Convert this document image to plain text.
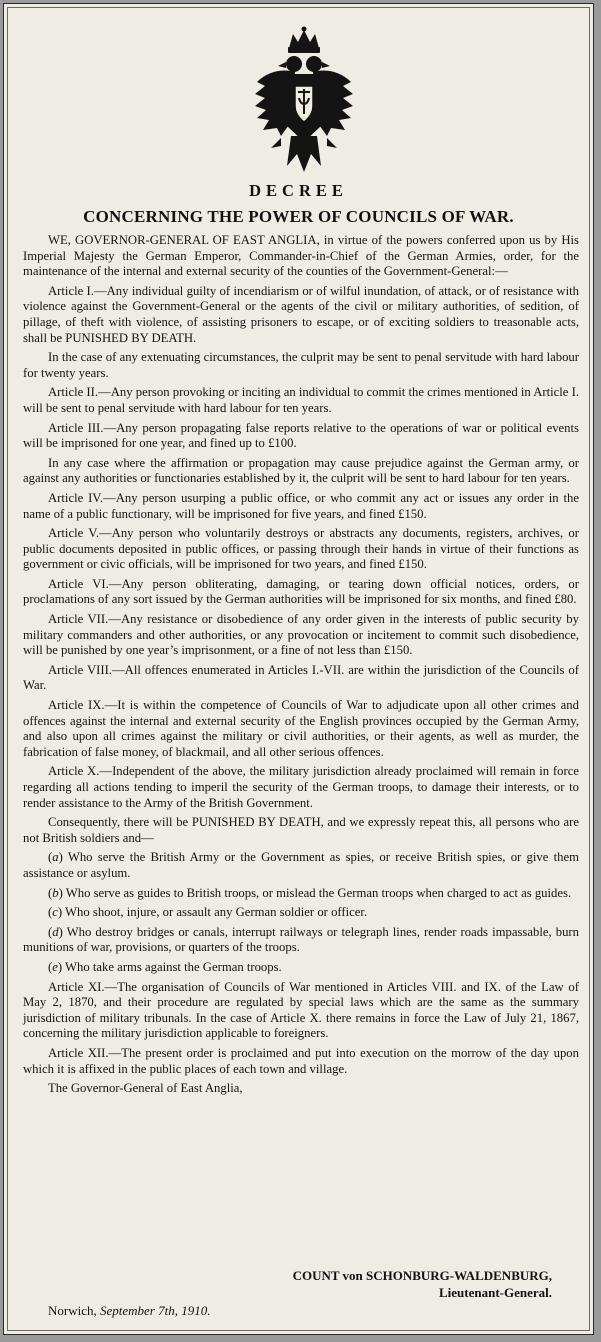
DECREE
CONCERNING THE POWER OF COUNCILS OF WAR.

WE, GOVERNOR-GENERAL OF EAST ANGLIA, in virtue of the powers conferred upon us by His Imperial Majesty the German Emperor, Commander-in-Chief of the German Armies, order, for the maintenance of the internal and external security of the counties of the Government-General:—

Article I.—Any individual guilty of incendiarism or of wilful inundation, of attack, or of resistance with violence against the Government-General or the agents of the civil or military authorities, of sedition, of pillage, of theft with violence, of assisting prisoners to escape, or of exciting soldiers to treasonable acts, shall be PUNISHED BY DEATH.

In the case of any extenuating circumstances, the culprit may be sent to penal servitude with hard labour for twenty years.

Article II.—Any person provoking or inciting an individual to commit the crimes mentioned in Article I. will be sent to penal servitude with hard labour for ten years.

Article III.—Any person propagating false reports relative to the operations of war or political events will be imprisoned for one year, and fined up to £100.

In any case where the affirmation or propagation may cause prejudice against the German army, or against any authorities or functionaries established by it, the culprit will be sent to hard labour for ten years.

Article IV.—Any person usurping a public office, or who commit any act or issues any order in the name of a public functionary, will be imprisoned for five years, and fined £150.

Article V.—Any person who voluntarily destroys or abstracts any documents, registers, archives, or public documents deposited in public offices, or passing through their hands in virtue of their functions as government or civic officials, will be imprisoned for two years, and fined £150.

Article VI.—Any person obliterating, damaging, or tearing down official notices, orders, or proclamations of any sort issued by the German authorities will be imprisoned for six months, and fined £80.

Article VII.—Any resistance or disobedience of any order given in the interests of public security by military commanders and other authorities, or any provocation or incitement to commit such disobedience, will be punished by one year’s imprisonment, or a fine of not less than £150.

Article VIII.—All offences enumerated in Articles I.-VII. are within the jurisdiction of the Councils of War.

Article IX.—It is within the competence of Councils of War to adjudicate upon all other crimes and offences against the internal and external security of the English provinces occupied by the German Army, and also upon all crimes against the military or civil authorities, or their agents, as well as murder, the fabrication of false money, of blackmail, and all other serious offences.

Article X.—Independent of the above, the military jurisdiction already proclaimed will remain in force regarding all actions tending to imperil the security of the German troops, to damage their interests, or to render assistance to the Army of the British Government.

Consequently, there will be PUNISHED BY DEATH, and we expressly repeat this, all persons who are not British soldiers and—

(a) Who serve the British Army or the Government as spies, or receive British spies, or give them assistance or asylum.

(b) Who serve as guides to British troops, or mislead the German troops when charged to act as guides.

(c) Who shoot, injure, or assault any German soldier or officer.

(d) Who destroy bridges or canals, interrupt railways or telegraph lines, render roads impassable, burn munitions of war, provisions, or quarters of the troops.

(e) Who take arms against the German troops.

Article XI.—The organisation of Councils of War mentioned in Articles VIII. and IX. of the Law of May 2, 1870, and their procedure are regulated by special laws which are the same as the summary jurisdiction of military tribunals. In the case of Article X. there remains in force the Law of July 21, 1867, concerning the military jurisdiction applicable to foreigners.

Article XII.—The present order is proclaimed and put into execution on the morrow of the day upon which it is affixed in the public places of each town and village.

The Governor-General of East Anglia,

COUNT von SCHONBURG-WALDENBURG,
Lieutenant-General.
Norwich, September 7th, 1910.
